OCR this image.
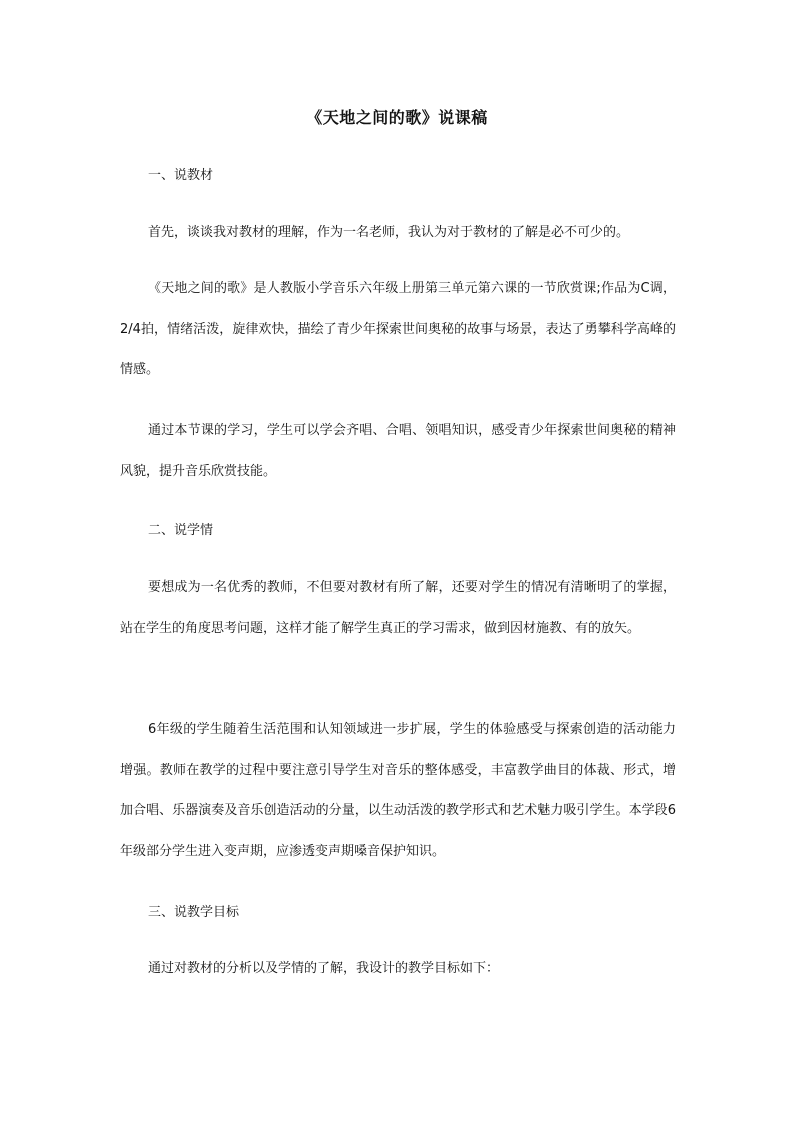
《天地之间的歌》说课稿
一、说教材

首先，谈谈我对教材的理解，作为一名老师，我认为对于教材的了解是必不可少的。

《天地之间的歌》是人教版小学音乐六年级上册第三单元第六课的一节欣赏课;作品为C调，2/4拍，情绪活泼，旋律欢快，描绘了青少年探索世间奥秘的故事与场景，表达了勇攀科学高峰的情感。

通过本节课的学习，学生可以学会齐唱、合唱、领唱知识，感受青少年探索世间奥秘的精神风貌，提升音乐欣赏技能。

二、说学情

要想成为一名优秀的教师，不但要对教材有所了解，还要对学生的情况有清晰明了的掌握，站在学生的角度思考问题，这样才能了解学生真正的学习需求，做到因材施教、有的放矢。

6年级的学生随着生活范围和认知领域进一步扩展，学生的体验感受与探索创造的活动能力增强。教师在教学的过程中要注意引导学生对音乐的整体感受，丰富教学曲目的体裁、形式，增加合唱、乐器演奏及音乐创造活动的分量，以生动活泼的教学形式和艺术魅力吸引学生。本学段6年级部分学生进入变声期，应渗透变声期嗓音保护知识。

三、说教学目标

通过对教材的分析以及学情的了解，我设计的教学目标如下：
